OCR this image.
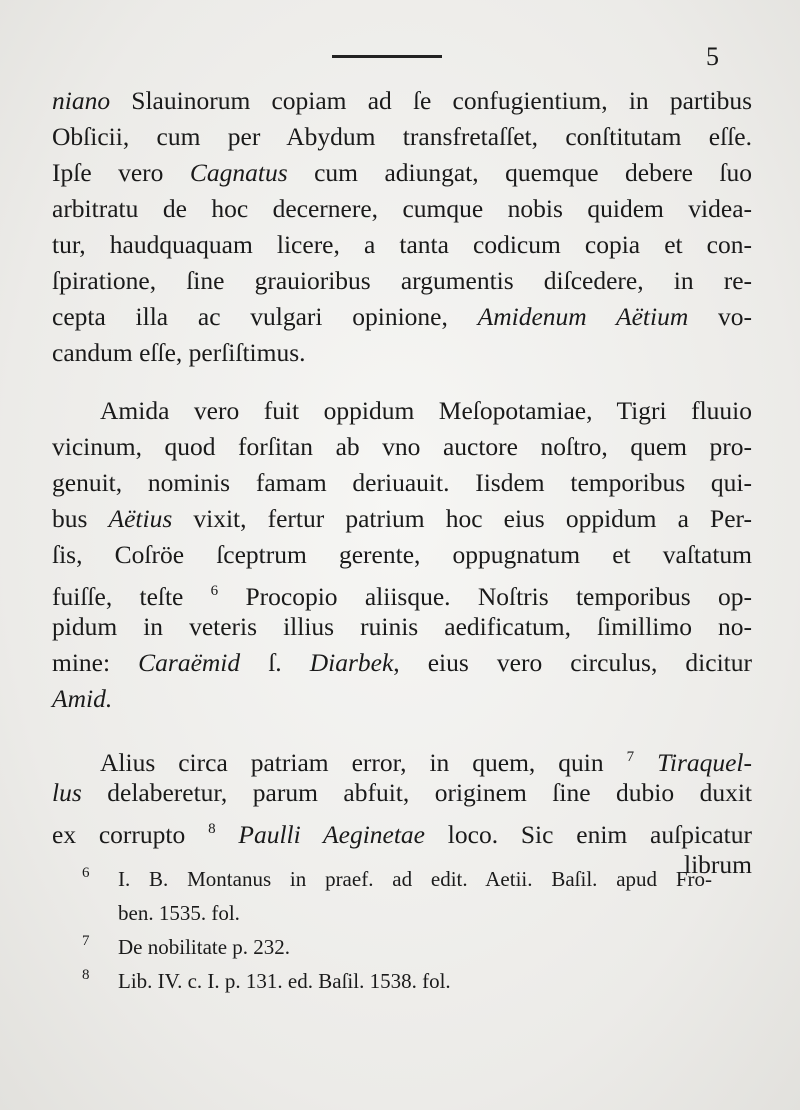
5
niano Slauinorum copiam ad ſe confugientium, in partibus
Obſicii, cum per Abydum transfretaſſet, conſtitutam eſſe.
Ipſe vero Cagnatus cum adiungat, quemque debere ſuo
arbitratu de hoc decernere, cumque nobis quidem videa-
tur, haudquaquam licere, a tanta codicum copia et con-
ſpiratione, ſine grauioribus argumentis diſcedere, in re-
cepta illa ac vulgari opinione, Amidenum Aëtium vo-
candum eſſe, perſiſtimus.
Amida vero fuit oppidum Meſopotamiae, Tigri fluuio
vicinum, quod forſitan ab vno auctore noſtro, quem pro-
genuit, nominis famam deriuauit. Iisdem temporibus qui-
bus Aëtius vixit, fertur patrium hoc eius oppidum a Per-
ſis, Coſröe ſceptrum gerente, oppugnatum et vaſtatum
fuiſſe, teſte $^6$ Procopio aliisque. Noſtris temporibus op-
pidum in veteris illius ruinis aedificatum, ſimillimo no-
mine: Caraëmid ſ. Diarbek, eius vero circulus, dicitur
Amid.
Alius circa patriam error, in quem, quin $^7$ Tiraquel-
lus delaberetur, parum abfuit, originem ſine dubio duxit
ex corrupto $^8$ Paulli Aeginetae loco. Sic enim auſpicatur
librum
6 I. B. Montanus in praef. ad edit. Aetii. Baſil. apud Fro-
ben. 1535. fol.
7 De nobilitate p. 232.
8 Lib. IV. c. I. p. 131. ed. Baſil. 1538. fol.
